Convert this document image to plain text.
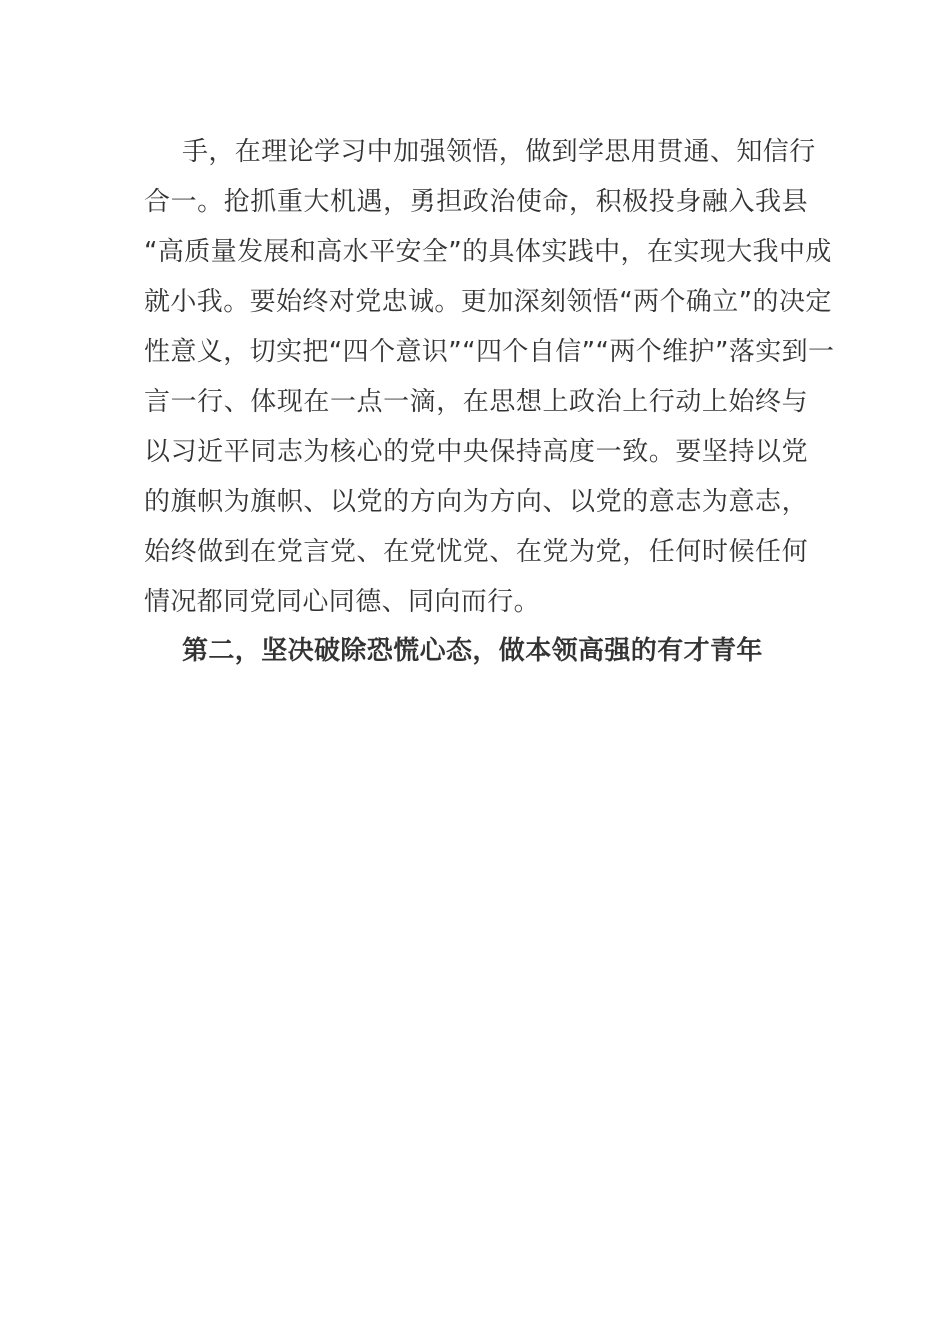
手，在理论学习中加强领悟，做到学思用贯通、知信行
合一。抢抓重大机遇，勇担政治使命，积极投身融入我县
“高质量发展和高水平安全”的具体实践中，在实现大我中成
就小我。要始终对党忠诚。更加深刻领悟“两个确立”的决定
性意义，切实把“四个意识”“四个自信”“两个维护”落实到一
言一行、体现在一点一滴，在思想上政治上行动上始终与
以习近平同志为核心的党中央保持高度一致。要坚持以党
的旗帜为旗帜、以党的方向为方向、以党的意志为意志，
始终做到在党言党、在党忧党、在党为党，任何时候任何
情况都同党同心同德、同向而行。
第二，坚决破除恐慌心态，做本领高强的有才青年
